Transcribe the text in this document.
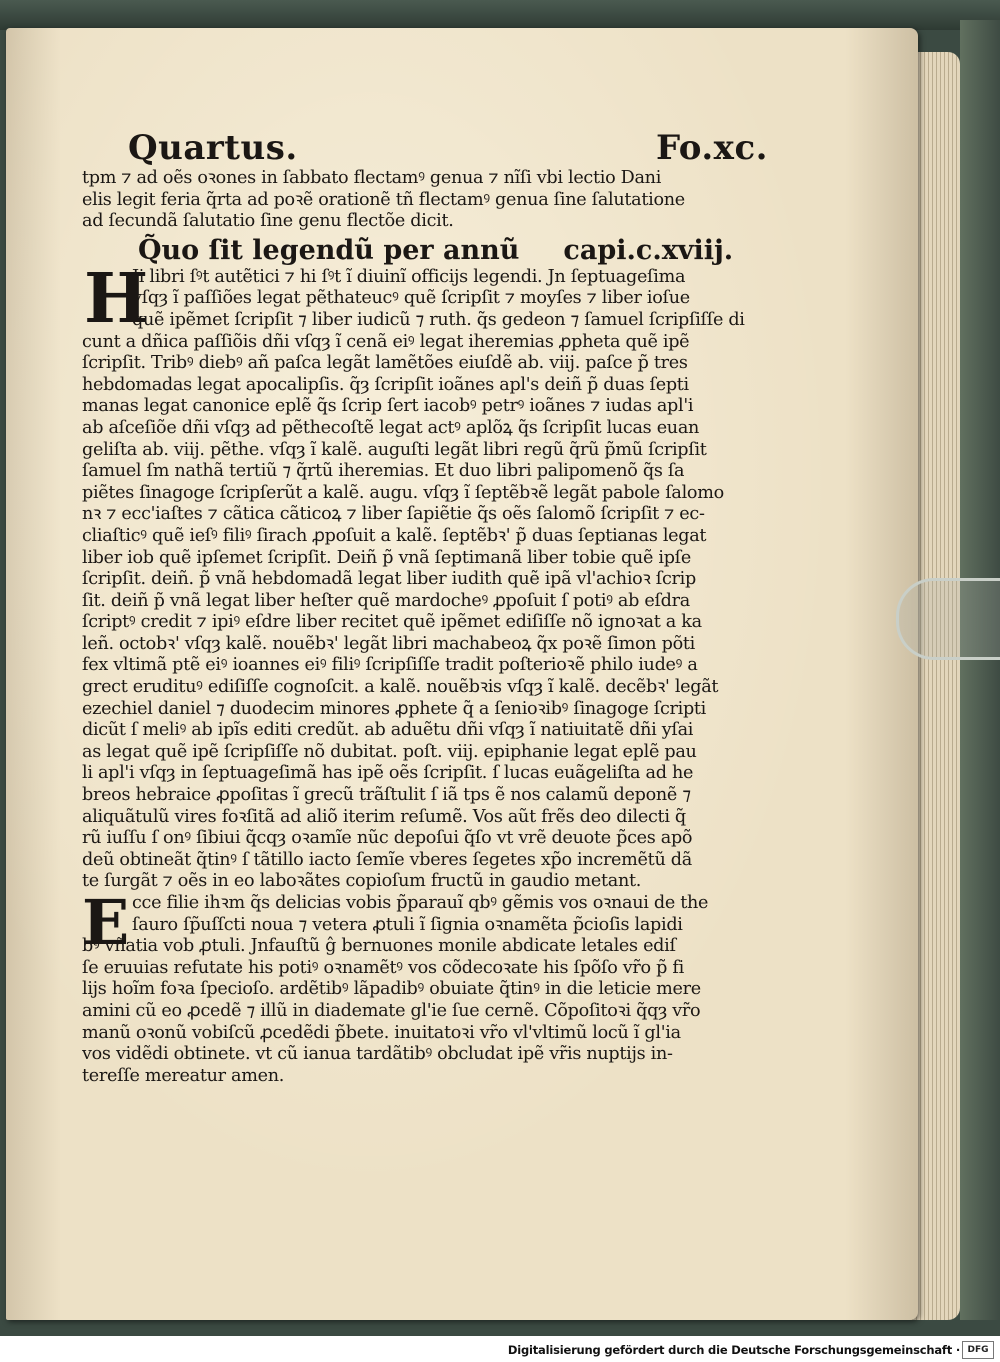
Quartus.	Fo.xc.
tpm ⁊ ad oẽs oꝛones in ſabbato flectamꝰ genua ⁊ nĩſi vbi lectio Dani
elis legit̃ feria q̃rta ad poꝛẽ orationẽ tñ flectamꝰ genua ſine ſalutatione
ad ſecundã ſalutatio ſine genu flectõe dicit̃.
Q̃uo ſit legendũ per annũ capi.c.xviij.
H
Ji libri ſꝰt autẽtici ⁊ hi ſꝰt ĩ diuinĩ officijs legendi. Jn ſeptuageſima
vſqȝ ĩ paſſiões legat̃ pẽthateucꝰ quẽ ſcripſit ⁊ moyſes ⁊ liber ioſue
quẽ ipẽmet ſcripſit ⁊ liber iudicũ ⁊ ruth. q̃s gedeon ⁊ ſamuel ſcripſiſſe di
cunt̃ a dñica paſſiõis dñi vſqȝ ĩ cenã eiꝰ legat̃ iheremias ꝓpheta quẽ ipẽ
ſcripſit. Tribꝰ diebꝰ añ paſca legãt lamẽtões eiuſdẽ ab. viij. paſce p̃ tres
hebdomadas legat̃ apocalipſis. q̃ȝ ſcripſit ioãnes apl's deiñ p̃ duas ſepti
manas legat̃ canonice eplẽ q̃s ſcrip ſert iacobꝰ petrꝰ ioãnes ⁊ iudas apl'i
ab aſceſiõe dñi vſqȝ ad pẽthecoſtẽ legat̃ actꝰ aplõꝝ q̃s ſcripſit lucas euan
geliſta ab. viij. pẽthe. vſqȝ ĩ kalẽ. auguſti legãt libri regũ q̃rũ p̃mũ ſcripſit
ſamuel ſ̃m nathã tertiũ ⁊ q̃rtũ iheremias. Et duo libri palipomenõ q̃s ſa
piẽtes ſinagoge ſcripſerũt a kalẽ. augu. vſqȝ ĩ ſeptẽbꝛẽ legãt pabole ſalomo
nꝛ ⁊ ecc'iaſtes ⁊ cãtica cãticoꝝ ⁊ liber ſapiẽtie q̃s oẽs ſalomõ ſcripſit ⁊ ec-
cliaſticꝰ quẽ ieſꝰ filiꝰ ſirach ꝓpoſuit a kalẽ. ſeptẽbꝛ' p̃ duas ſeptianas legat̃
liber iob quẽ ipſemet ſcripſit. Deiñ p̃ vnã ſeptimanã liber tobie quẽ ipſe
ſcripſit. deiñ. p̃ vnã hebdomadã legat̃ liber iudith quẽ ipã vl'achioꝛ ſcrip
ſit. deiñ p̃ vnã legat̃ liber heſter quẽ mardocheꝰ ꝓpoſuit ſ̃ potiꝰ ab eſdra
ſcriptꝰ credit̃ ⁊ ipiꝰ eſdre liber recitet̃ quẽ ipẽmet ediſiſſe nõ ignoꝛat̃ a ka
leñ. octobꝛ' vſqȝ kalẽ. nouẽbꝛ' legãt libri machabeoꝝ q̃x poꝛẽ ſimon põti
fex vltimã ptẽ eiꝰ ioannes eiꝰ filiꝰ ſcripſiſſe tradit̃ poſterioꝛẽ philo iudeꝰ a
grect erudituꝰ ediſiſſe cognoſcit̃. a kalẽ. nouẽbꝛis vſqȝ ĩ kalẽ. decẽbꝛ' legãt
ezechiel daniel ⁊ duodecim minores ꝓphete q̃ a ſenioꝛibꝰ ſinagoge ſcripti
dicũt̃ ſ̃ meliꝰ ab ipĩs editi credũt̃. ab aduẽtu dñi vſqȝ ĩ natiuitatẽ dñi yſai
as legat̃ quẽ ipẽ ſcripſiſſe nõ dubitat̃. poſt. viij. epiphanie legat̃ eplẽ pau
li apl'i vſqȝ in ſeptuageſimã has ipẽ oẽs ſcripſit. ſ̃ lucas euãgeliſta ad he
breos hebraice ꝓpoſitas ĩ grecũ trãſtulit ſ̃ iã tps ẽ nos calamũ deponẽ ⁊
aliquãtulũ vires foꝛſitã ad aliõ iterim reſumẽ. Vos aũt frẽs deo dilecti q̃
rũ iuſſu ſ̃ onꝰ ſibiui q̃cqȝ oꝛamĩe nũc depoſui q̃ſo vt vrẽ deuote p̃ces apõ
deũ obtineãt q̃tinꝰ ſ̃ tãtillo iacto ſemĩe vberes ſegetes xp̃o incremẽtũ dã
te ſurgãt ⁊ oẽs in eo laboꝛãtes copioſum fructũ in gaudio metant.
E cce filie ihꝛm q̃s delicias vobis p̃parauĩ qbꝰ gẽmis vos oꝛnaui de the
ſauro ſp̃uſſcti noua ⁊ vetera ꝓtuli ĩ ſignia oꝛnamẽta p̃cioſis lapidi
bꝰ vñatia vob ꝓtuli. Jnfauſtũ ĝ bernuones monile abdicate letales ediſ
ſe eruuias refutate his potiꝰ oꝛnamẽtꝰ vos cõdecoꝛate his ſpõſo vr̃o p̃ fi
lijs hoĩm foꝛa ſpecioſo. ardẽtibꝰ lãpadibꝰ obuiate q̃tinꝰ in die leticie mere
amini cũ eo ꝓcedẽ ⁊ illũ in diademate gl'ie ſue cernẽ. Cõpoſitoꝛi q̃qȝ vr̃o
manũ oꝛonũ vobiſcũ ꝓcedẽdi p̃bete. inuitatoꝛi vr̃o vl'vltimũ locũ ĩ gl'ia
vos vidẽdi obtinete. vt cũ ianua tardãtibꝰ obcludat̃ ipẽ vr̃is nuptijs in-
tereſſe mereatur amen.
Digitalisierung gefördert durch die Deutsche Forschungsgemeinschaft · DFG
